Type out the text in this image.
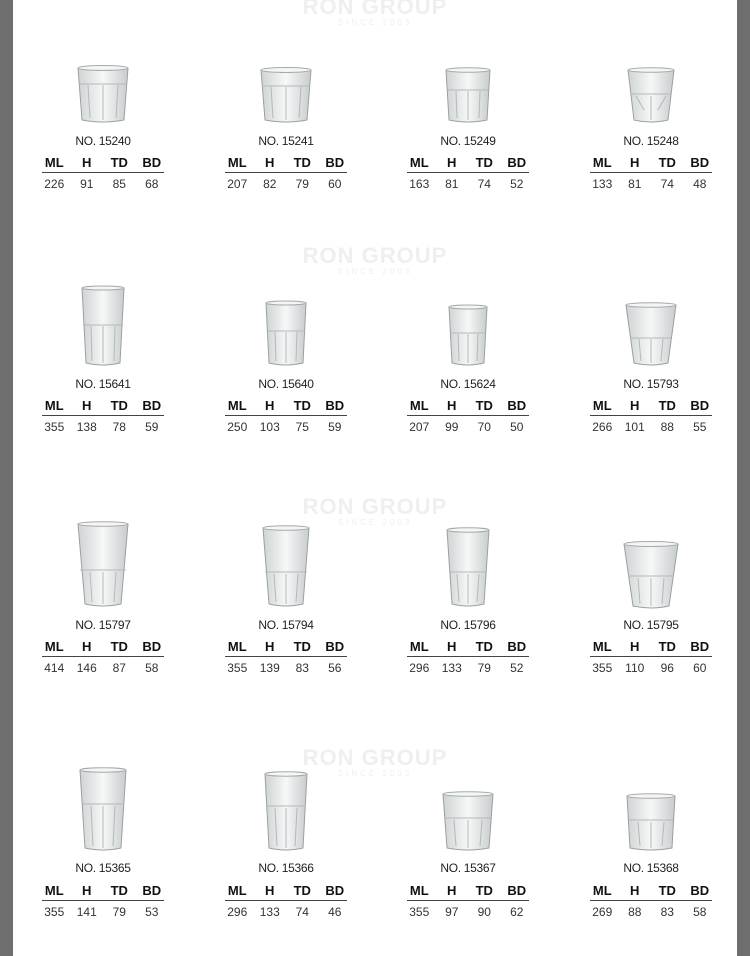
RON GROUP
SINCE 2003
RON GROUP
SINCE 2003
RON GROUP
SINCE 2003
RON GROUP
SINCE 2003
NO. 15240
ML	H	TD	BD
226	91	85	68
NO. 15241
ML	H	TD	BD
207	82	79	60
NO. 15249
ML	H	TD	BD
163	81	74	52
NO. 15248
ML	H	TD	BD
133	81	74	48
NO. 15641
ML	H	TD	BD
355	138	78	59
NO. 15640
ML	H	TD	BD
250	103	75	59
NO. 15624
ML	H	TD	BD
207	99	70	50
NO. 15793
ML	H	TD	BD
266	101	88	55
NO. 15797
ML	H	TD	BD
414	146	87	58
NO. 15794
ML	H	TD	BD
355	139	83	56
NO. 15796
ML	H	TD	BD
296	133	79	52
NO. 15795
ML	H	TD	BD
355	110	96	60
NO. 15365
ML	H	TD	BD
355	141	79	53
NO. 15366
ML	H	TD	BD
296	133	74	46
NO. 15367
ML	H	TD	BD
355	97	90	62
NO. 15368
ML	H	TD	BD
269	88	83	58
